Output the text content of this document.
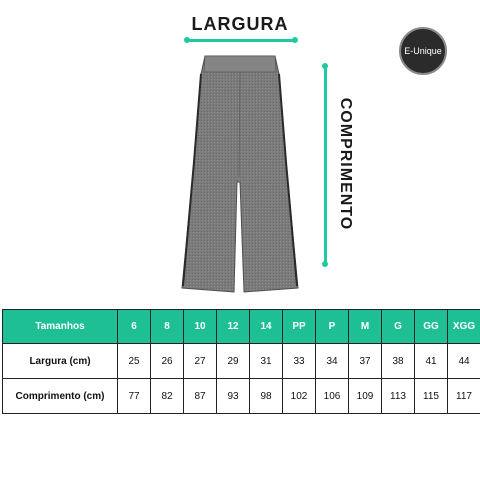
LARGURA
COMPRIMENTO
E-Unique
Tamanhos	6	8	10	12	14	PP	P	M	G	GG	XGG
Largura (cm)	25	26	27	29	31	33	34	37	38	41	44
Comprimento (cm)	77	82	87	93	98	102	106	109	113	115	117
